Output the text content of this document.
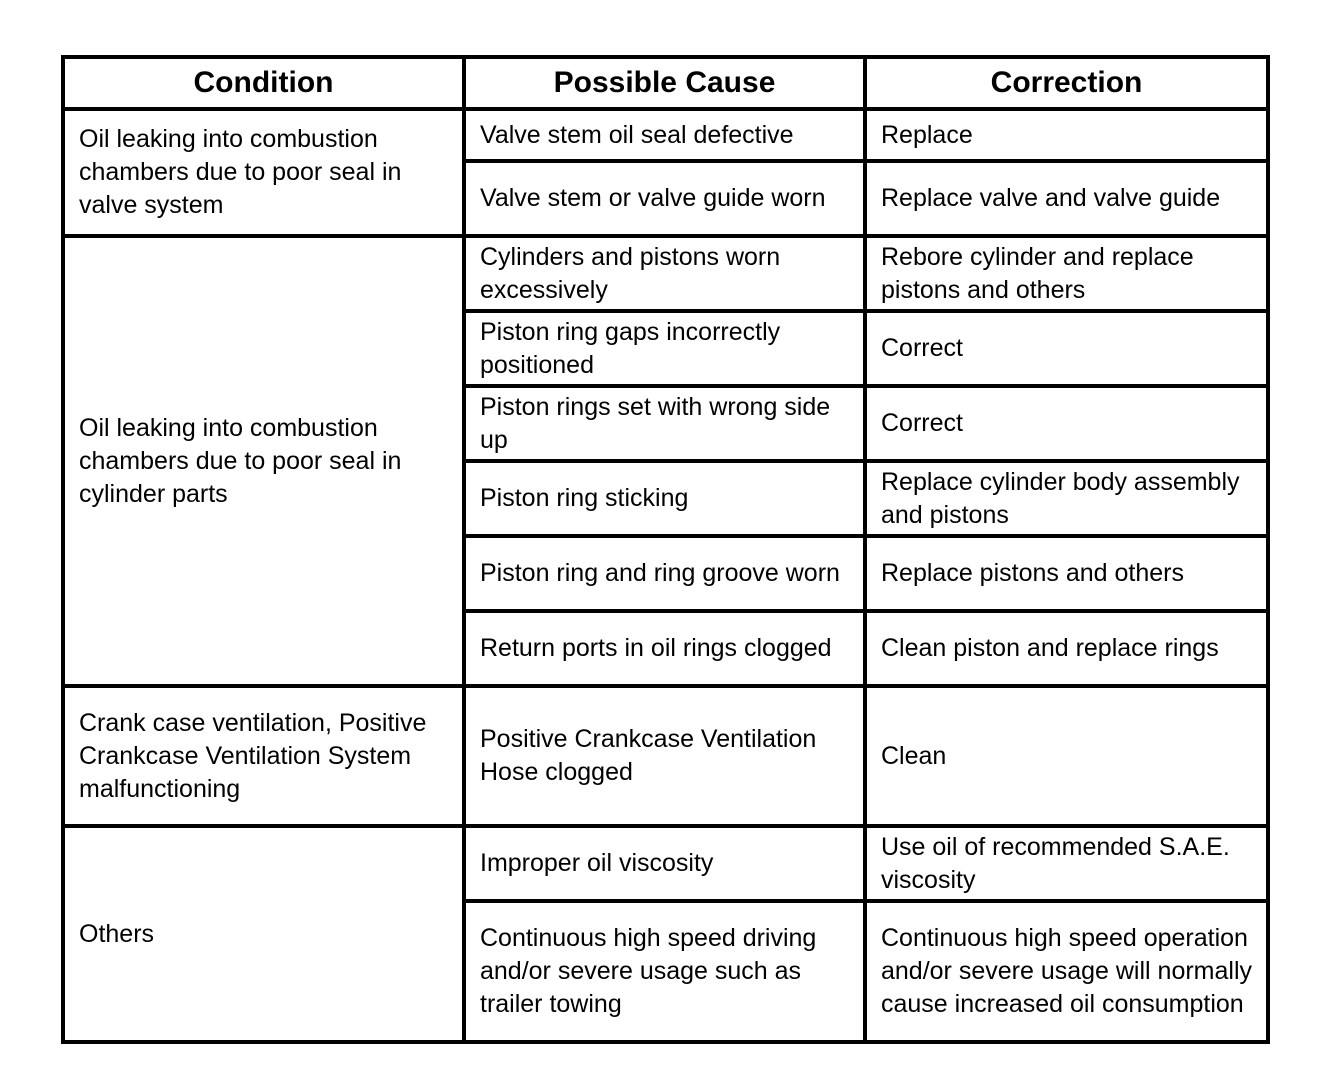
Condition	Possible Cause	Correction
Oil leaking into combustion chambers due to poor seal in valve system	Valve stem oil seal defective	Replace
	Valve stem or valve guide worn	Replace valve and valve guide
Oil leaking into combustion chambers due to poor seal in cylinder parts	Cylinders and pistons worn excessively	Rebore cylinder and replace pistons and others
	Piston ring gaps incorrectly positioned	Correct
	Piston rings set with wrong side up	Correct
	Piston ring sticking	Replace cylinder body assembly and pistons
	Piston ring and ring groove worn	Replace pistons and others
	Return ports in oil rings clogged	Clean piston and replace rings
Crank case ventilation, Positive Crankcase Ventilation System malfunctioning	Positive Crankcase Ventilation Hose clogged	Clean
Others	Improper oil viscosity	Use oil of recommended S.A.E. viscosity
	Continuous high speed driving and/or severe usage such as trailer towing	Continuous high speed operation and/or severe usage will normally cause increased oil consumption
